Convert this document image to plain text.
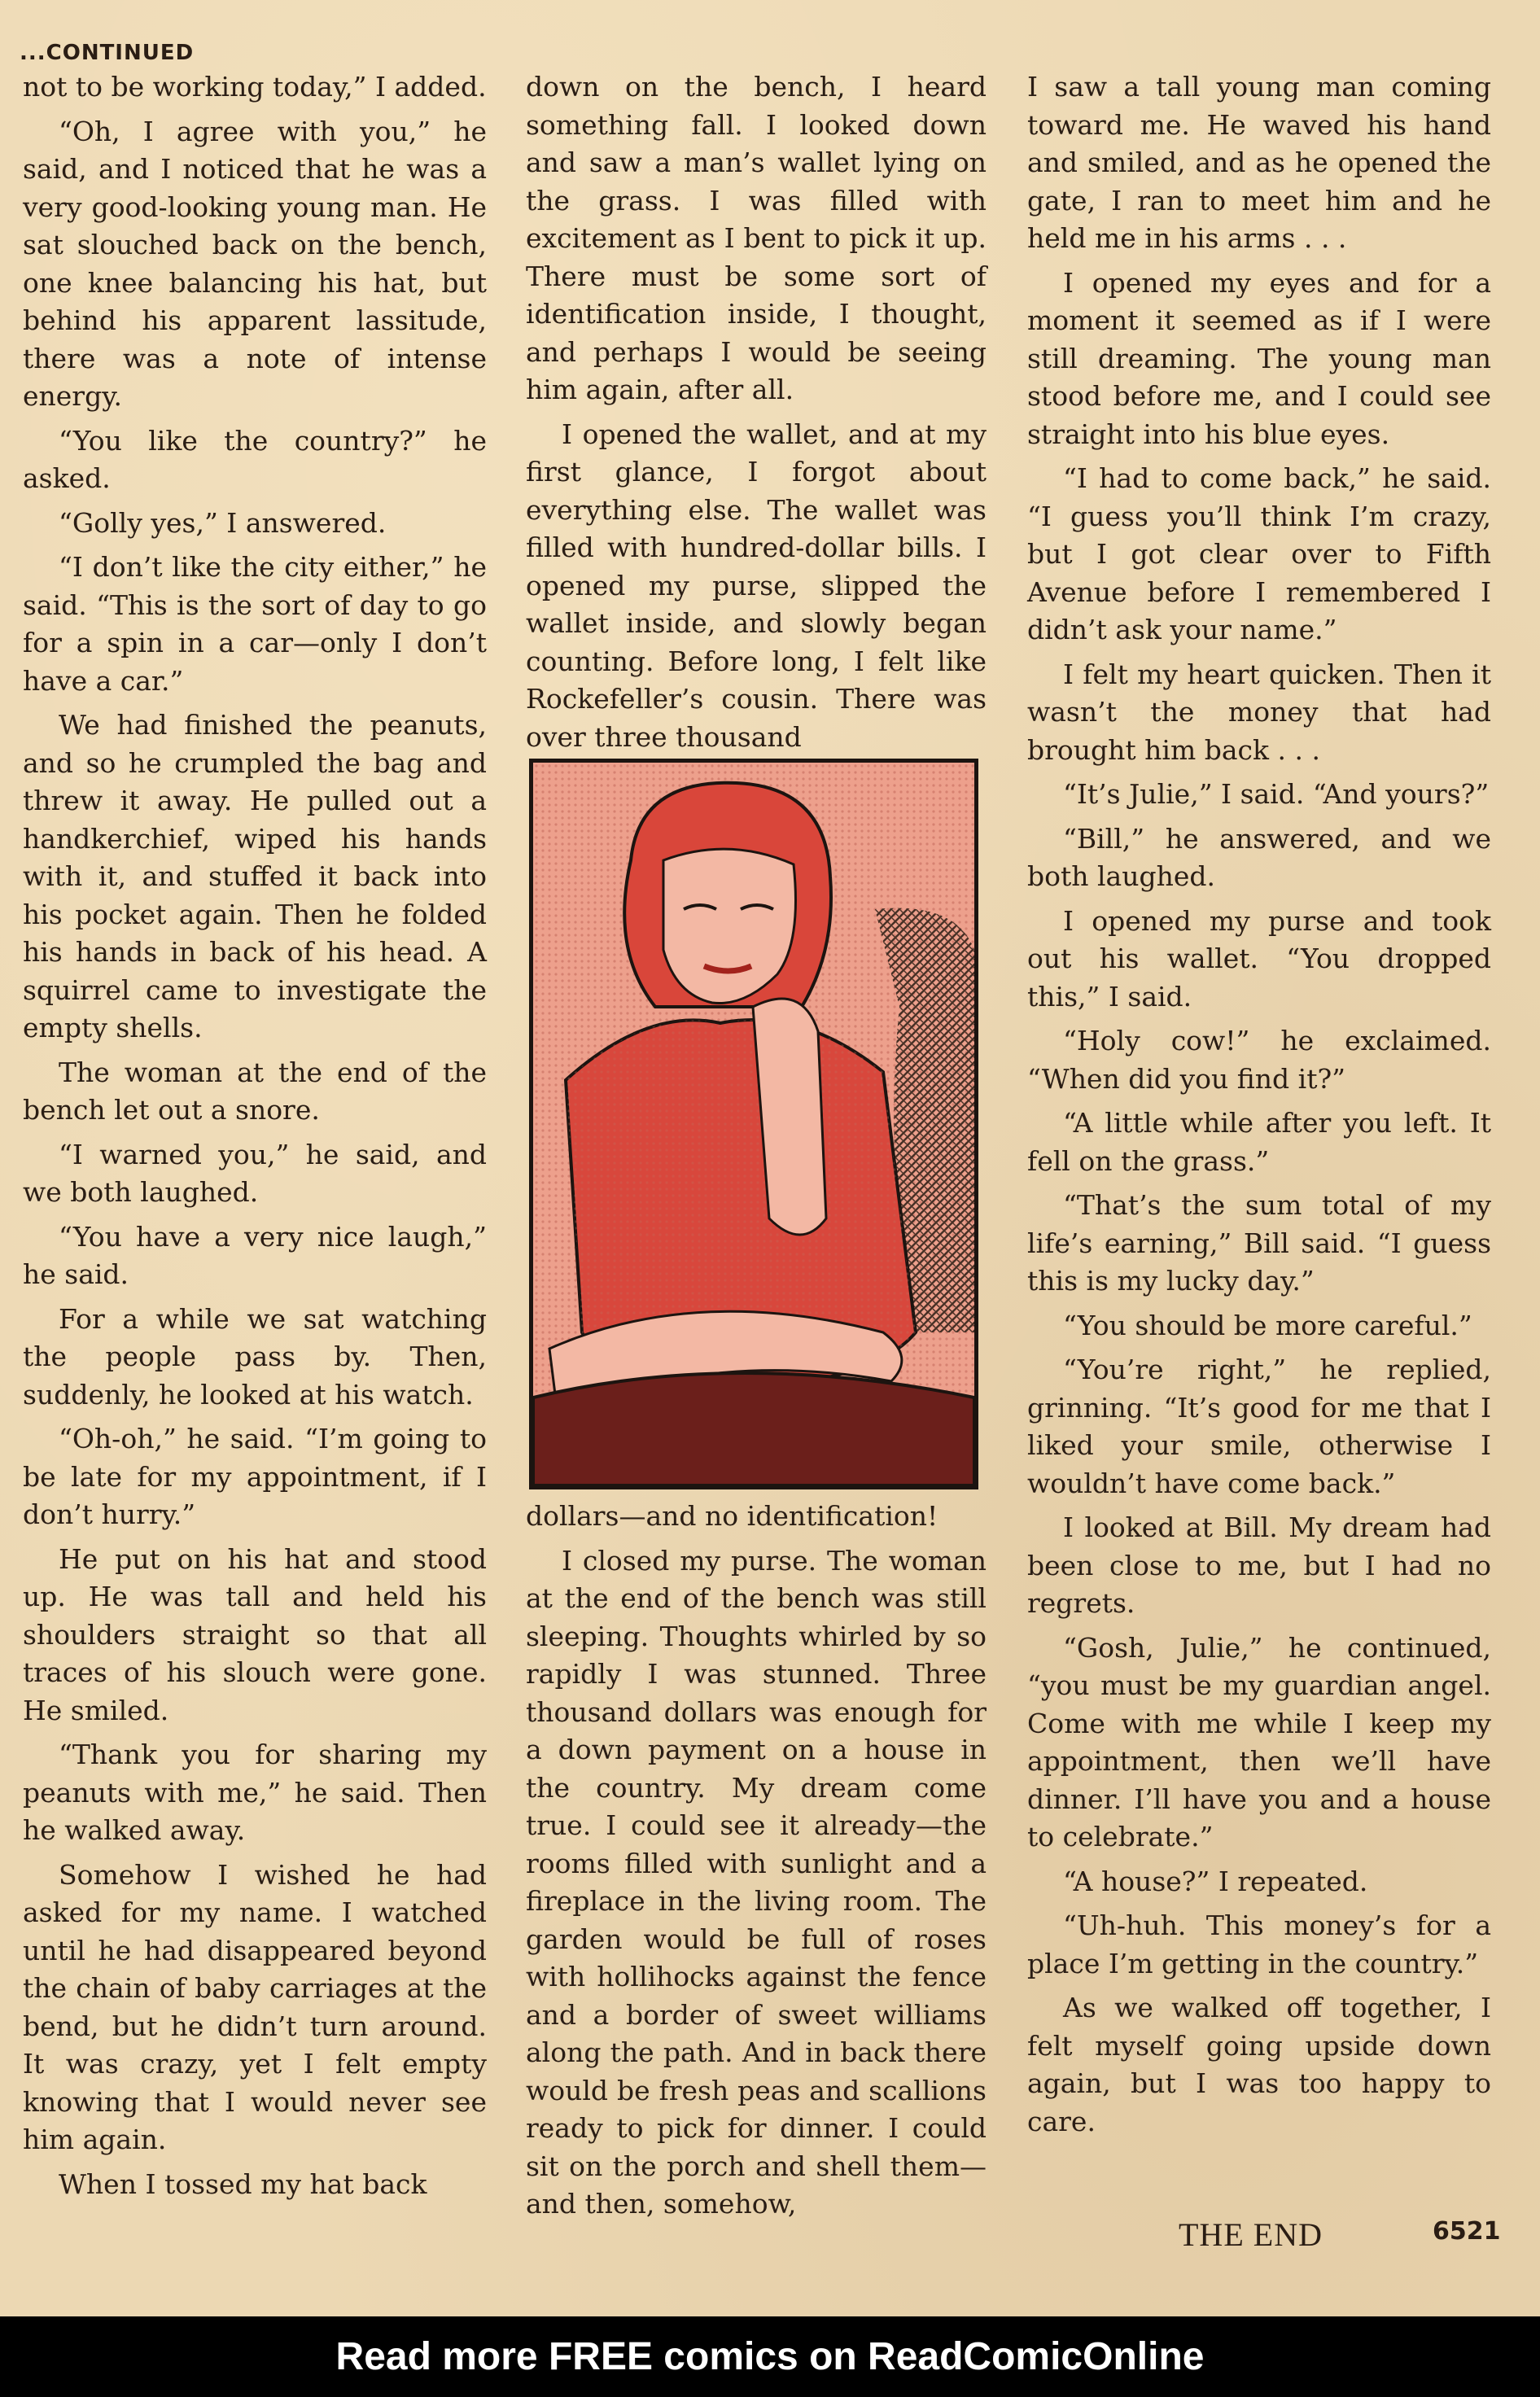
...CONTINUED

not to be working today,” I added.

“Oh, I agree with you,” he said, and I noticed that he was a very good-looking young man. He sat slouched back on the bench, one knee balancing his hat, but behind his apparent lassitude, there was a note of intense energy.

“You like the country?” he asked.

“Golly yes,” I answered.

“I don’t like the city either,” he said. “This is the sort of day to go for a spin in a car—only I don’t have a car.”

We had finished the peanuts, and so he crumpled the bag and threw it away. He pulled out a handkerchief, wiped his hands with it, and stuffed it back into his pocket again. Then he folded his hands in back of his head. A squirrel came to investigate the empty shells.

The woman at the end of the bench let out a snore.

“I warned you,” he said, and we both laughed.

“You have a very nice laugh,” he said.

For a while we sat watching the people pass by. Then, suddenly, he looked at his watch.

“Oh-oh,” he said. “I’m going to be late for my appointment, if I don’t hurry.”

He put on his hat and stood up. He was tall and held his shoulders straight so that all traces of his slouch were gone. He smiled.

“Thank you for sharing my peanuts with me,” he said. Then he walked away.

Somehow I wished he had asked for my name. I watched until he had disappeared beyond the chain of baby carriages at the bend, but he didn’t turn around. It was crazy, yet I felt empty knowing that I would never see him again.

When I tossed my hat back

down on the bench, I heard something fall. I looked down and saw a man’s wallet lying on the grass. I was filled with excitement as I bent to pick it up. There must be some sort of identification inside, I thought, and perhaps I would be seeing him again, after all.

I opened the wallet, and at my first glance, I forgot about everything else. The wallet was filled with hundred-dollar bills. I opened my purse, slipped the wallet inside, and slowly began counting. Before long, I felt like Rockefeller’s cousin. There was over three thousand

dollars—and no identification!

I closed my purse. The woman at the end of the bench was still sleeping. Thoughts whirled by so rapidly I was stunned. Three thousand dollars was enough for a down payment on a house in the country. My dream come true. I could see it already—the rooms filled with sunlight and a fireplace in the living room. The garden would be full of roses with hollihocks against the fence and a border of sweet williams along the path. And in back there would be fresh peas and scallions ready to pick for dinner. I could sit on the porch and shell them—and then, somehow,

I saw a tall young man coming toward me. He waved his hand and smiled, and as he opened the gate, I ran to meet him and he held me in his arms . . .

I opened my eyes and for a moment it seemed as if I were still dreaming. The young man stood before me, and I could see straight into his blue eyes.

“I had to come back,” he said. “I guess you’ll think I’m crazy, but I got clear over to Fifth Avenue before I remembered I didn’t ask your name.”

I felt my heart quicken. Then it wasn’t the money that had brought him back . . .

“It’s Julie,” I said. “And yours?”

“Bill,” he answered, and we both laughed.

I opened my purse and took out his wallet. “You dropped this,” I said.

“Holy cow!” he exclaimed. “When did you find it?”

“A little while after you left. It fell on the grass.”

“That’s the sum total of my life’s earning,” Bill said. “I guess this is my lucky day.”

“You should be more careful.”

“You’re right,” he replied, grinning. “It’s good for me that I liked your smile, otherwise I wouldn’t have come back.”

I looked at Bill. My dream had been close to me, but I had no regrets.

“Gosh, Julie,” he continued, “you must be my guardian angel. Come with me while I keep my appointment, then we’ll have dinner. I’ll have you and a house to celebrate.”

“A house?” I repeated.

“Uh-huh. This money’s for a place I’m getting in the country.”

As we walked off together, I felt myself going upside down again, but I was too happy to care.

THE END	6521
Read more FREE comics on ReadComicOnline
